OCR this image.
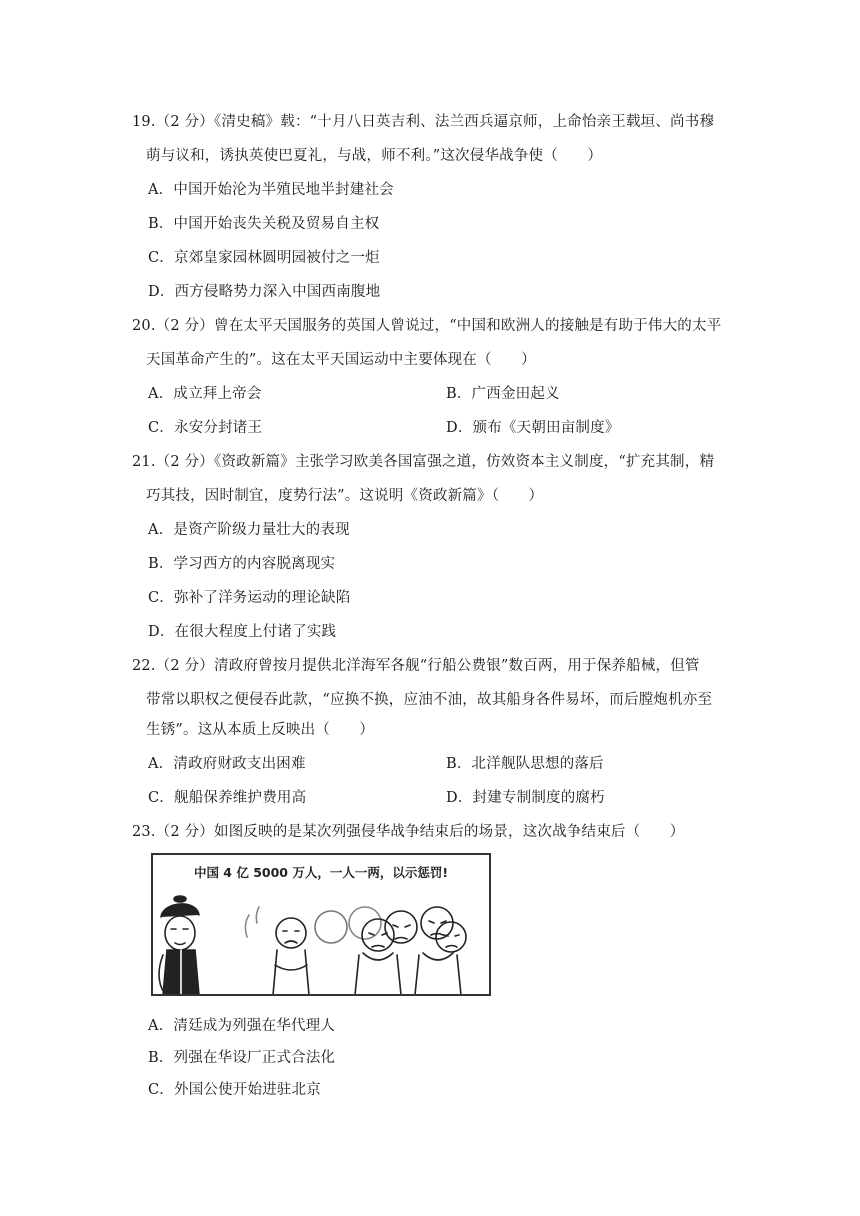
19.（2 分）《清史稿》载：“十月八日英吉利、法兰西兵逼京师，上命怡亲王载垣、尚书穆
萌与议和，诱执英使巴夏礼，与战，师不利。”这次侵华战争使（　　）
A．中国开始沦为半殖民地半封建社会
B．中国开始丧失关税及贸易自主权
C．京郊皇家园林圆明园被付之一炬
D．西方侵略势力深入中国西南腹地
20.（2 分）曾在太平天国服务的英国人曾说过，“中国和欧洲人的接触是有助于伟大的太平
天国革命产生的”。这在太平天国运动中主要体现在（　　）
A．成立拜上帝会	B．广西金田起义
C．永安分封诸王	D．颁布《天朝田亩制度》
21.（2 分）《资政新篇》主张学习欧美各国富强之道，仿效资本主义制度，“扩充其制，精
巧其技，因时制宜，度势行法”。这说明《资政新篇》（　　）
A．是资产阶级力量壮大的表现
B．学习西方的内容脱离现实
C．弥补了洋务运动的理论缺陷
D．在很大程度上付诸了实践
22.（2 分）清政府曾按月提供北洋海军各舰“行船公费银”数百两，用于保养船械，但管
带常以职权之便侵吞此款，“应换不换，应油不油，故其船身各件易坏，而后膛炮机亦至
生锈”。这从本质上反映出（　　）
A．清政府财政支出困难	B．北洋舰队思想的落后
C．舰船保养维护费用高	D．封建专制制度的腐朽
23.（2 分）如图反映的是某次列强侵华战争结束后的场景，这次战争结束后（　　）
中国 4 亿 5000 万人，一人一两，以示惩罚!
A．清廷成为列强在华代理人
B．列强在华设厂正式合法化
C．外国公使开始进驻北京
